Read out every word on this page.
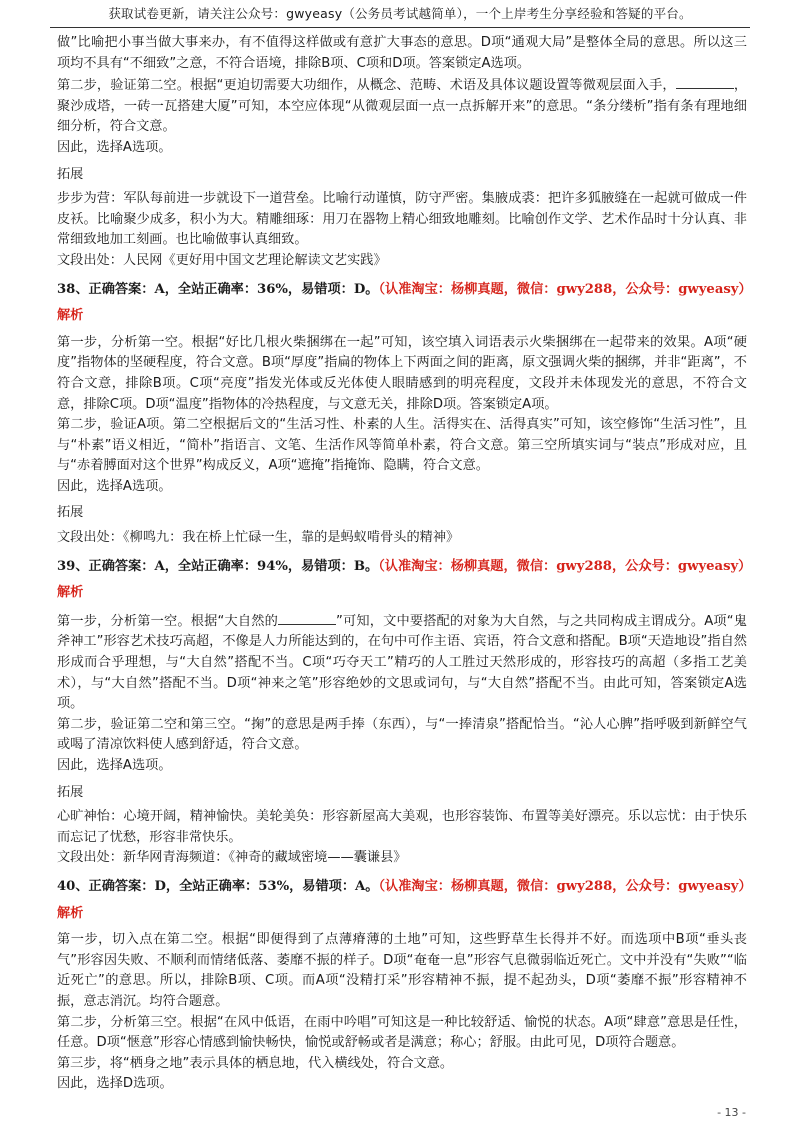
获取试卷更新，请关注公众号：gwyeasy（公务员考试越简单），一个上岸考生分享经验和答疑的平台。

做”比喻把小事当做大事来办，有不值得这样做或有意扩大事态的意思。D项“通观大局”是整体全局的意思。所以这三项均不具有“不细致”之意，不符合语境，排除B项、C项和D项。答案锁定A选项。

第二步，验证第二空。根据“更迫切需要大功细作，从概念、范畴、术语及具体议题设置等微观层面入手，	，聚沙成塔，一砖一瓦搭建大厦”可知，本空应体现“从微观层面一点一点拆解开来”的意思。“条分缕析”指有条有理地细细分析，符合文意。

因此，选择A选项。

拓展

步步为营：军队每前进一步就设下一道营垒。比喻行动谨慎，防守严密。集腋成裘：把许多狐腋缝在一起就可做成一件皮袄。比喻聚少成多，积小为大。精雕细琢：用刀在器物上精心细致地雕刻。比喻创作文学、艺术作品时十分认真、非常细致地加工刻画。也比喻做事认真细致。

文段出处：人民网《更好用中国文艺理论解读文艺实践》

38、正确答案：A，全站正确率：36%，易错项：D。（认准淘宝：杨柳真题，微信：gwy288，公众号：gwyeasy）

解析

第一步，分析第一空。根据“好比几根火柴捆绑在一起”可知，该空填入词语表示火柴捆绑在一起带来的效果。A项“硬度”指物体的坚硬程度，符合文意。B项“厚度”指扁的物体上下两面之间的距离，原文强调火柴的捆绑，并非“距离”，不符合文意，排除B项。C项“亮度”指发光体或反光体使人眼睛感到的明亮程度，文段并未体现发光的意思，不符合文意，排除C项。D项“温度”指物体的冷热程度，与文意无关，排除D项。答案锁定A项。

第二步，验证A项。第二空根据后文的“生活习性、朴素的人生。活得实在、活得真实”可知，该空修饰“生活习性”，且与“朴素”语义相近，“简朴”指语言、文笔、生活作风等简单朴素，符合文意。第三空所填实词与“装点”形成对应，且与“赤着膊面对这个世界”构成反义，A项“遮掩”指掩饰、隐瞒，符合文意。

因此，选择A选项。

拓展

文段出处：《柳鸣九：我在桥上忙碌一生，靠的是蚂蚁啃骨头的精神》

39、正确答案：A，全站正确率：94%，易错项：B。（认准淘宝：杨柳真题，微信：gwy288，公众号：gwyeasy）

解析

第一步，分析第一空。根据“大自然的	”可知，文中要搭配的对象为大自然，与之共同构成主谓成分。A项“鬼斧神工”形容艺术技巧高超，不像是人力所能达到的，在句中可作主语、宾语，符合文意和搭配。B项“天造地设”指自然形成而合乎理想，与“大自然”搭配不当。C项“巧夺天工”精巧的人工胜过天然形成的，形容技巧的高超（多指工艺美术），与“大自然”搭配不当。D项“神来之笔”形容绝妙的文思或词句，与“大自然”搭配不当。由此可知，答案锁定A选项。

第二步，验证第二空和第三空。“掬”的意思是两手捧（东西），与“一捧清泉”搭配恰当。“沁人心脾”指呼吸到新鲜空气或喝了清凉饮料使人感到舒适，符合文意。

因此，选择A选项。

拓展

心旷神怡：心境开阔，精神愉快。美轮美奂：形容新屋高大美观，也形容装饰、布置等美好漂亮。乐以忘忧：由于快乐而忘记了忧愁，形容非常快乐。

文段出处：新华网青海频道：《神奇的藏域密境——囊谦县》

40、正确答案：D，全站正确率：53%，易错项：A。（认准淘宝：杨柳真题，微信：gwy288，公众号：gwyeasy）

解析

第一步，切入点在第二空。根据“即便得到了点薄瘠薄的土地”可知，这些野草生长得并不好。而选项中B项“垂头丧气”形容因失败、不顺利而情绪低落、萎靡不振的样子。D项“奄奄一息”形容气息微弱临近死亡。文中并没有“失败”“临近死亡”的意思。所以，排除B项、C项。而A项“没精打采”形容精神不振，提不起劲头，D项“萎靡不振”形容精神不振，意志消沉。均符合题意。

第二步，分析第三空。根据“在风中低语，在雨中吟唱”可知这是一种比较舒适、愉悦的状态。A项“肆意”意思是任性，任意。D项“惬意”形容心情感到愉快畅快，愉悦或舒畅或者是满意；称心；舒服。由此可见，D项符合题意。

第三步，将“栖身之地”表示具体的栖息地，代入横线处，符合文意。

因此，选择D选项。

- 13 -
